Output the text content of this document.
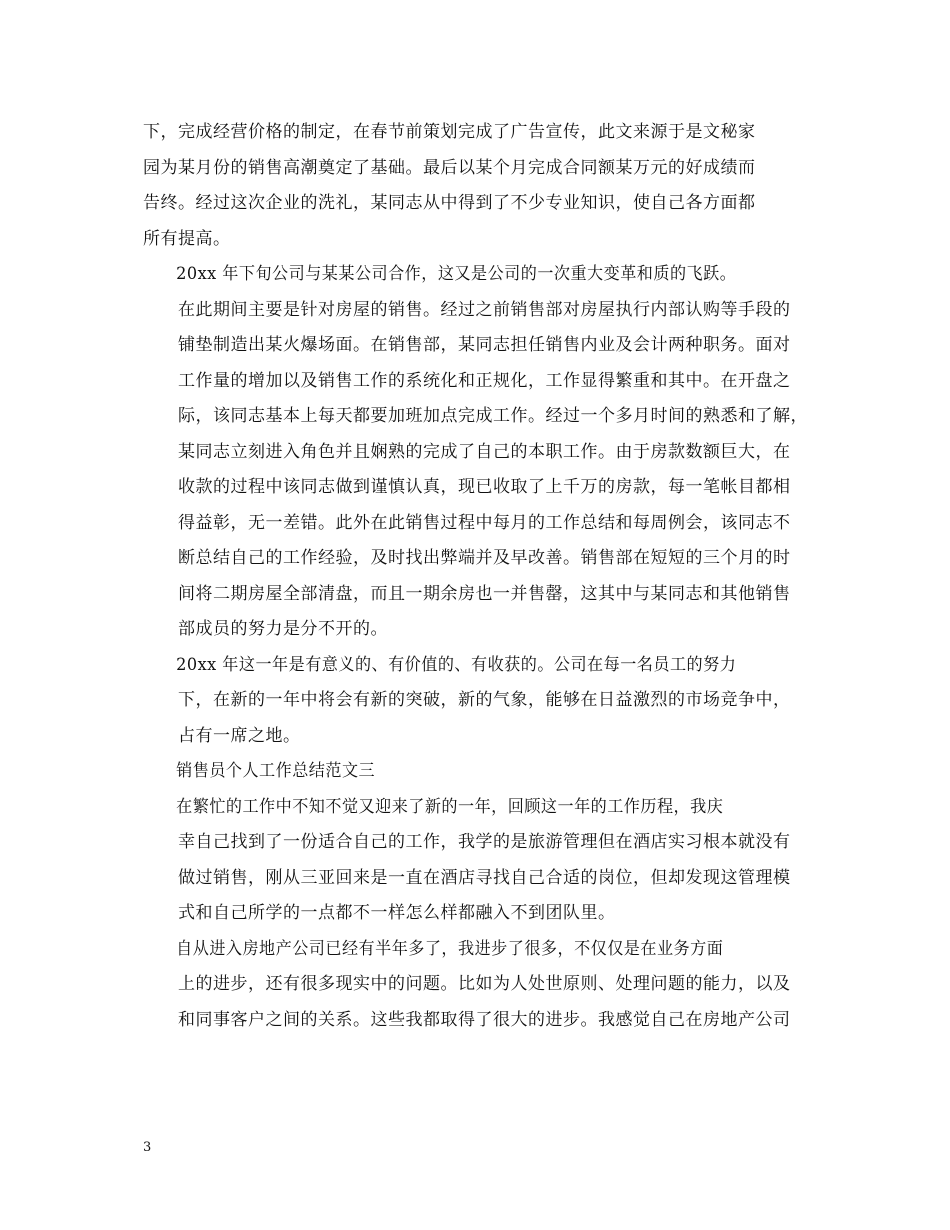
下，完成经营价格的制定，在春节前策划完成了广告宣传，此文来源于是文秘家
园为某月份的销售高潮奠定了基础。最后以某个月完成合同额某万元的好成绩而
告终。经过这次企业的洗礼，某同志从中得到了不少专业知识，使自己各方面都
所有提高。

20xx 年下旬公司与某某公司合作，这又是公司的一次重大变革和质的飞跃。
在此期间主要是针对房屋的销售。经过之前销售部对房屋执行内部认购等手段的
铺垫制造出某火爆场面。在销售部，某同志担任销售内业及会计两种职务。面对
工作量的增加以及销售工作的系统化和正规化，工作显得繁重和其中。在开盘之
际，该同志基本上每天都要加班加点完成工作。经过一个多月时间的熟悉和了解，
某同志立刻进入角色并且娴熟的完成了自己的本职工作。由于房款数额巨大，在
收款的过程中该同志做到谨慎认真，现已收取了上千万的房款，每一笔帐目都相
得益彰，无一差错。此外在此销售过程中每月的工作总结和每周例会，该同志不
断总结自己的工作经验，及时找出弊端并及早改善。销售部在短短的三个月的时
间将二期房屋全部清盘，而且一期余房也一并售罄，这其中与某同志和其他销售
部成员的努力是分不开的。

20xx 年这一年是有意义的、有价值的、有收获的。公司在每一名员工的努力
下，在新的一年中将会有新的突破，新的气象，能够在日益激烈的市场竞争中，
占有一席之地。

销售员个人工作总结范文三

在繁忙的工作中不知不觉又迎来了新的一年，回顾这一年的工作历程，我庆
幸自己找到了一份适合自己的工作，我学的是旅游管理但在酒店实习根本就没有
做过销售，刚从三亚回来是一直在酒店寻找自己合适的岗位，但却发现这管理模
式和自己所学的一点都不一样怎么样都融入不到团队里。

自从进入房地产公司已经有半年多了，我进步了很多，不仅仅是在业务方面
上的进步，还有很多现实中的问题。比如为人处世原则、处理问题的能力，以及
和同事客户之间的关系。这些我都取得了很大的进步。我感觉自己在房地产公司

3
